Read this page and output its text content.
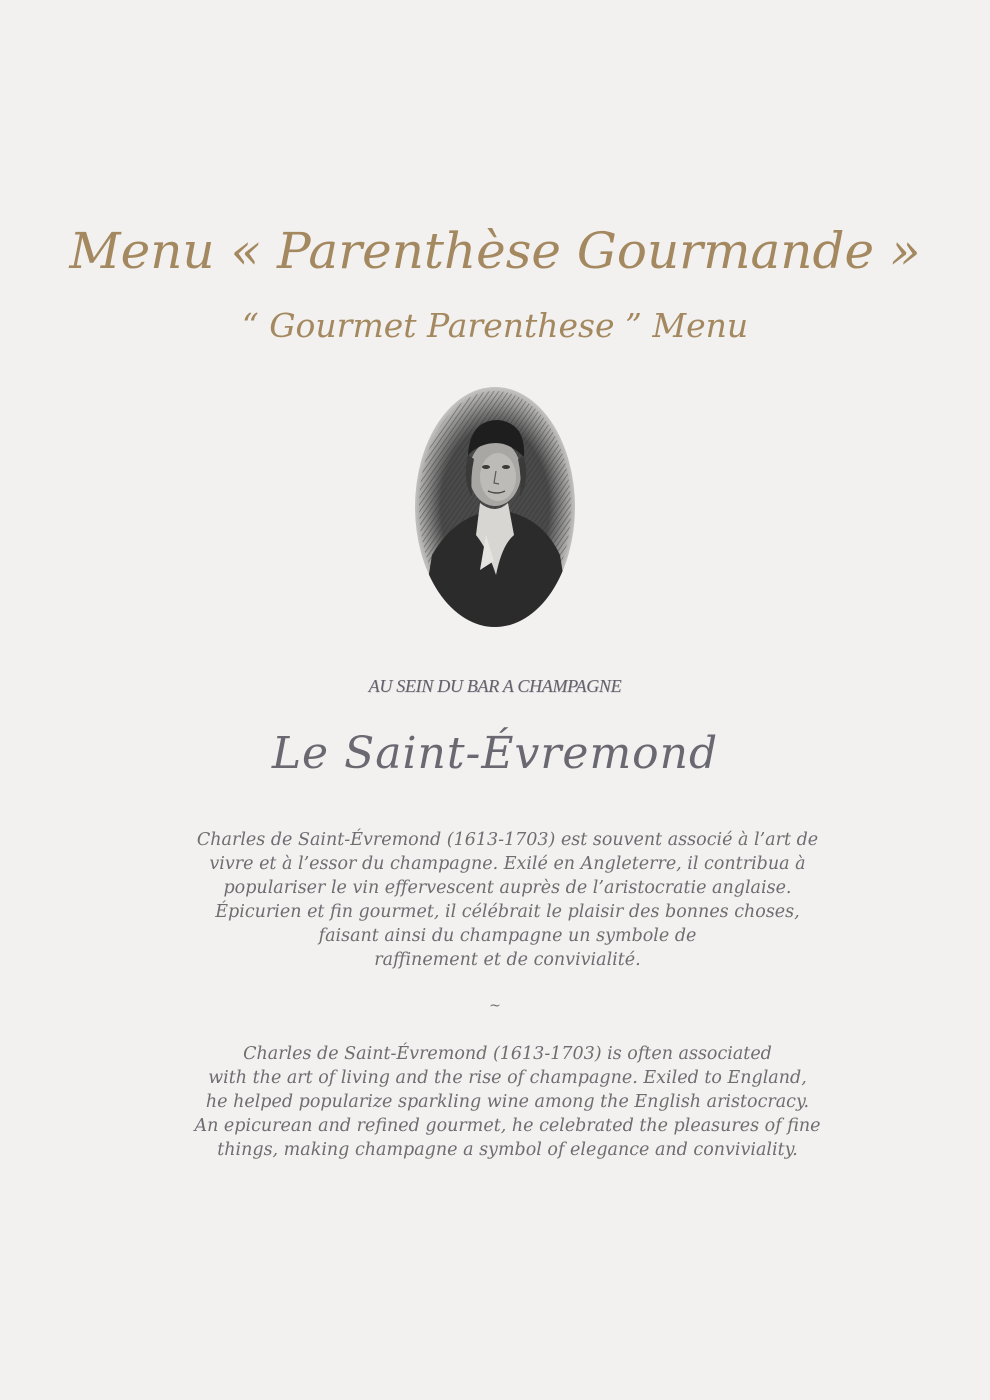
Menu « Parenthèse Gourmande »
“ Gourmet Parenthese ” Menu
AU SEIN DU BAR A CHAMPAGNE
Le Saint-Évremond

Charles de Saint-Évremond (1613-1703) est souvent associé à l’art de
vivre et à l’essor du champagne. Exilé en Angleterre, il contribua à
populariser le vin effervescent auprès de l’aristocratie anglaise.
Épicurien et fin gourmet, il célébrait le plaisir des bonnes choses,
faisant ainsi du champagne un symbole de
raffinement et de convivialité.

~

Charles de Saint-Évremond (1613-1703) is often associated
with the art of living and the rise of champagne. Exiled to England,
he helped popularize sparkling wine among the English aristocracy.
An epicurean and refined gourmet, he celebrated the pleasures of fine
things, making champagne a symbol of elegance and conviviality.
